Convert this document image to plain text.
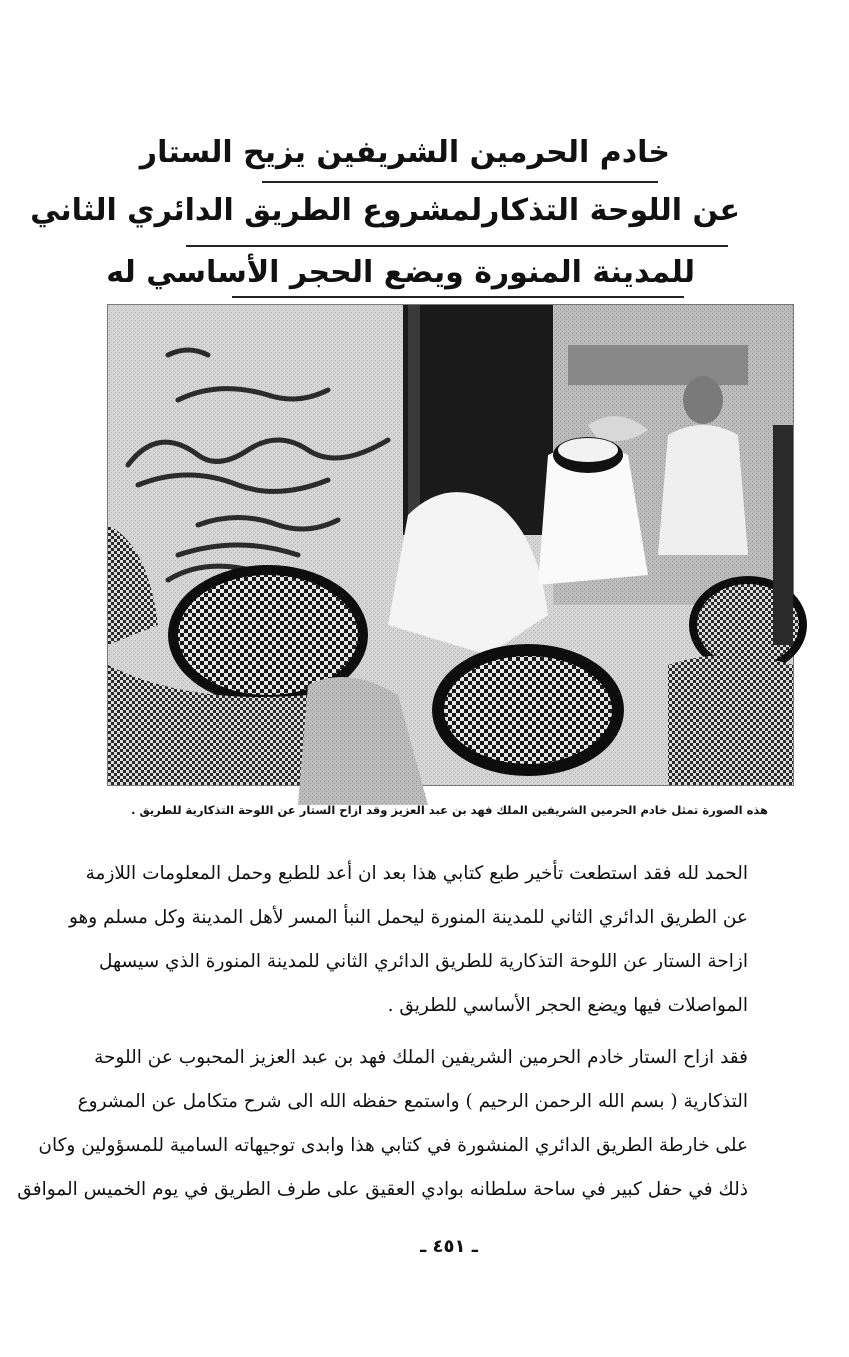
خادم الحرمين الشريفين يزيح الستار
عن اللوحة التذكارلمشروع الطريق الدائري الثاني
للمدينة المنورة ويضع الحجر الأساسي له
هذه الصورة تمثل خادم الحرمين الشريفين الملك فهد بن عبد العزيز وقد ازاح الستار عن اللوحة التذكارية للطريق .
الحمد لله فقد استطعت تأخير طبع كتابي هذا بعد ان أعد للطبع وحمل المعلومات اللازمة
عن الطريق الدائري الثاني للمدينة المنورة ليحمل النبأ المسر لأهل المدينة وكل مسلم وهو
ازاحة الستار عن اللوحة التذكارية للطريق الدائري الثاني للمدينة المنورة الذي سيسهل
المواصلات فيها ويضع الحجر الأساسي للطريق .
فقد ازاح الستار خادم الحرمين الشريفين الملك فهد بن عبد العزيز المحبوب عن اللوحة
التذكارية ( بسم الله الرحمن الرحيم ) واستمع حفظه الله الى شرح متكامل عن المشروع
على خارطة الطريق الدائري المنشورة في كتابي هذا وابدى توجيهاته السامية للمسؤولين وكان
ذلك في حفل كبير في ساحة سلطانه بوادي العقيق على طرف الطريق في يوم الخميس الموافق
ـ ٤٥١ ـ
